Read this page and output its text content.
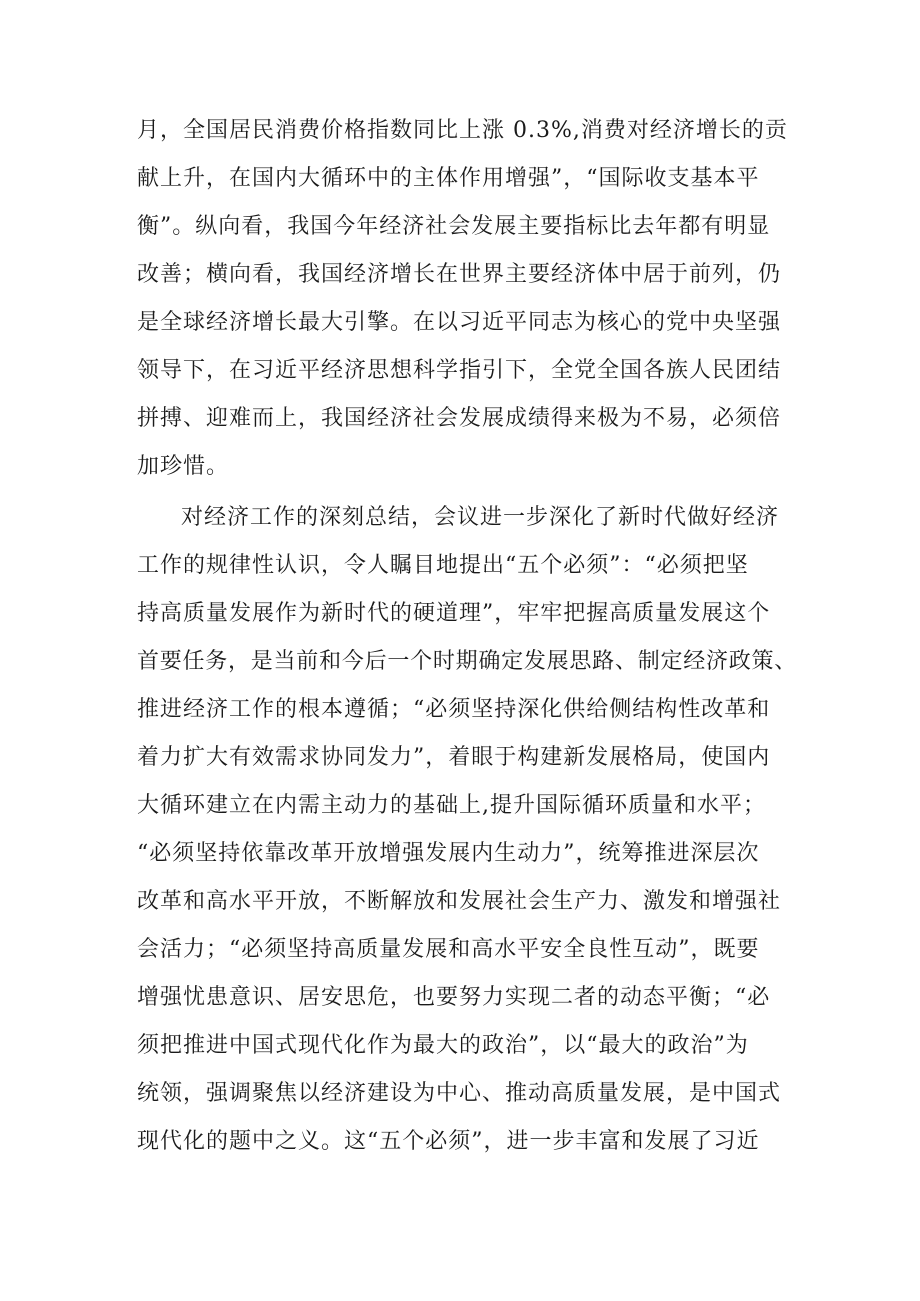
月，全国居民消费价格指数同比上涨 0.3%,消费对经济增长的贡
献上升，在国内大循环中的主体作用增强”，“国际收支基本平
衡”。纵向看，我国今年经济社会发展主要指标比去年都有明显
改善；横向看，我国经济增长在世界主要经济体中居于前列，仍
是全球经济增长最大引擎。在以习近平同志为核心的党中央坚强
领导下，在习近平经济思想科学指引下，全党全国各族人民团结
拼搏、迎难而上，我国经济社会发展成绩得来极为不易，必须倍
加珍惜。
对经济工作的深刻总结，会议进一步深化了新时代做好经济
工作的规律性认识，令人瞩目地提出“五个必须”：“必须把坚
持高质量发展作为新时代的硬道理”，牢牢把握高质量发展这个
首要任务，是当前和今后一个时期确定发展思路、制定经济政策、
推进经济工作的根本遵循；“必须坚持深化供给侧结构性改革和
着力扩大有效需求协同发力”，着眼于构建新发展格局，使国内
大循环建立在内需主动力的基础上,提升国际循环质量和水平；
“必须坚持依靠改革开放增强发展内生动力”，统筹推进深层次
改革和高水平开放，不断解放和发展社会生产力、激发和增强社
会活力；“必须坚持高质量发展和高水平安全良性互动”，既要
增强忧患意识、居安思危，也要努力实现二者的动态平衡；“必
须把推进中国式现代化作为最大的政治”，以“最大的政治”为
统领，强调聚焦以经济建设为中心、推动高质量发展，是中国式
现代化的题中之义。这“五个必须”，进一步丰富和发展了习近
